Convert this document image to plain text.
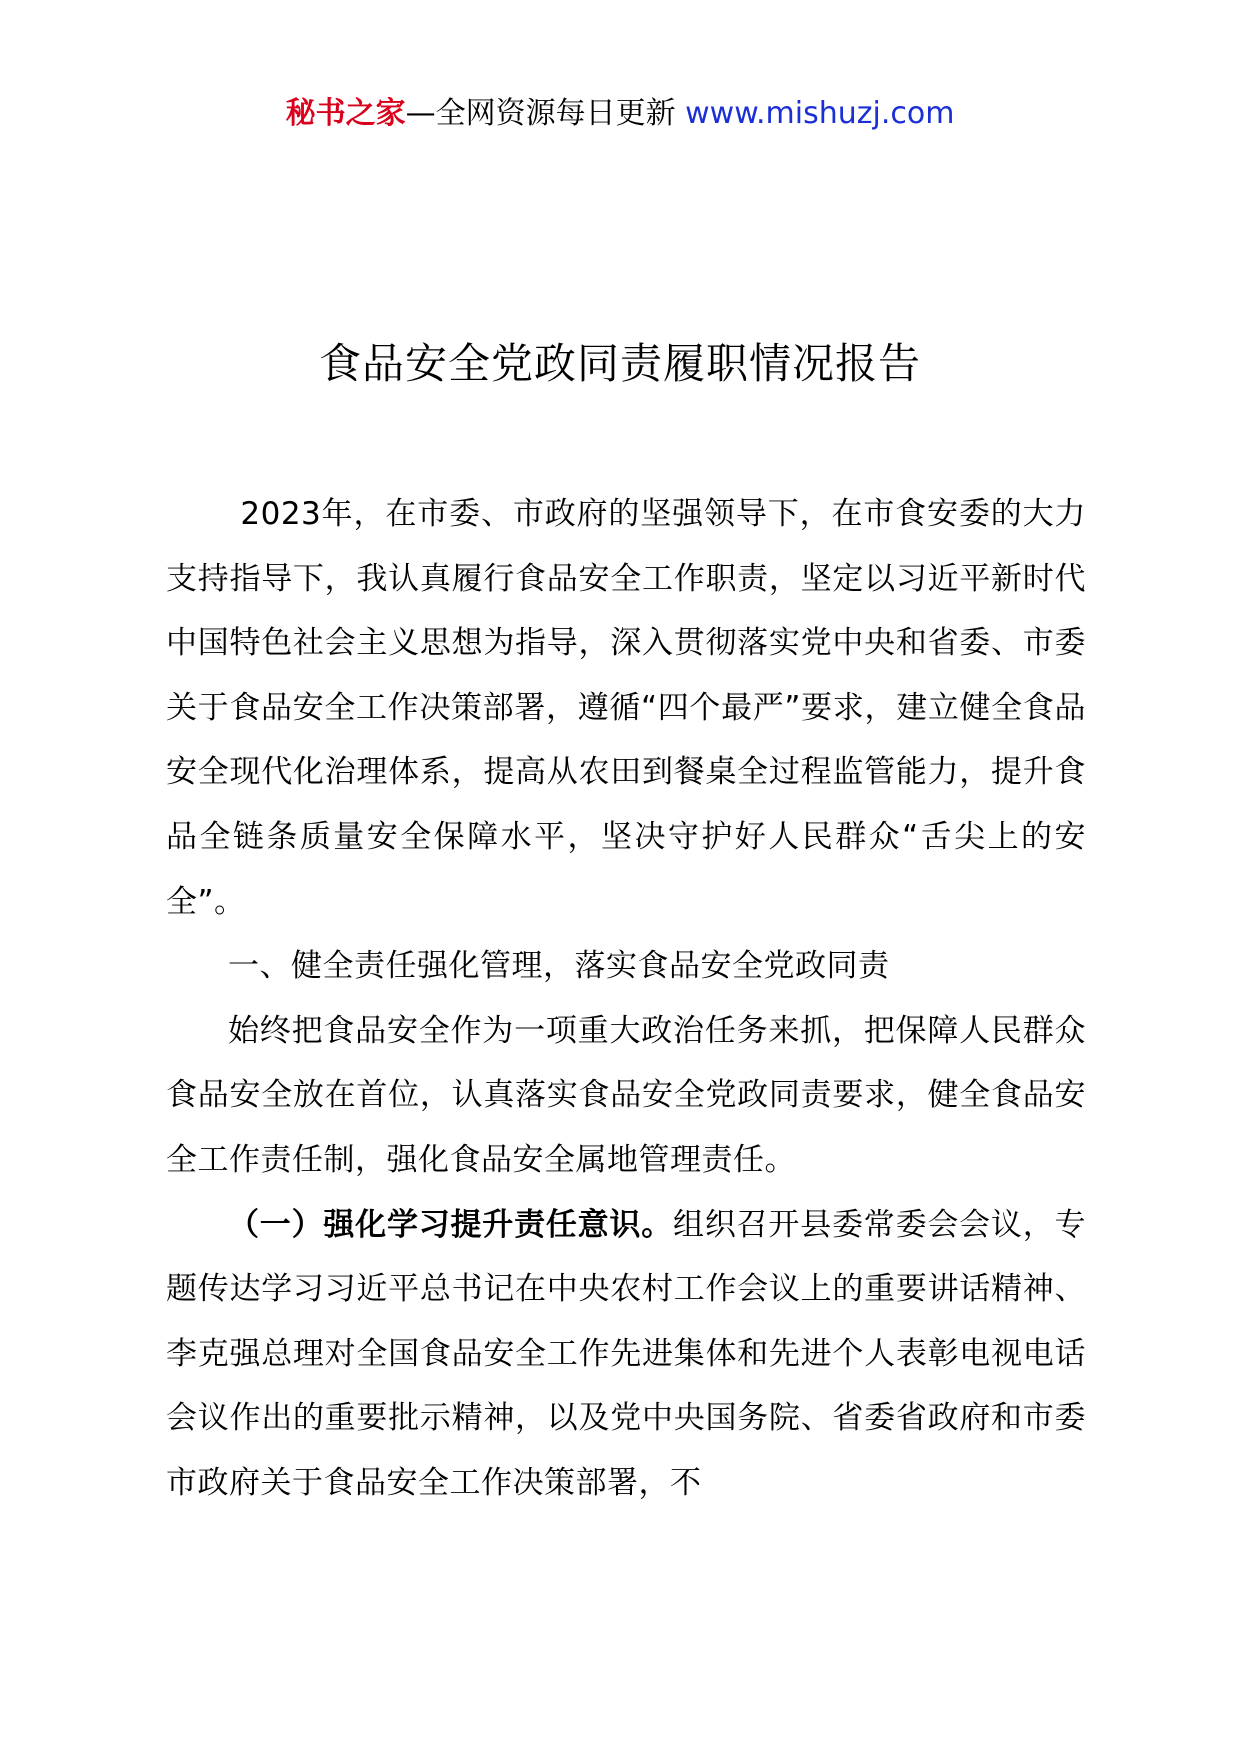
秘书之家—全网资源每日更新 www.mishuzj.com
食品安全党政同责履职情况报告

2023年，在市委、市政府的坚强领导下，在市食安委的大力支持指导下，我认真履行食品安全工作职责，坚定以习近平新时代中国特色社会主义思想为指导，深入贯彻落实党中央和省委、市委关于食品安全工作决策部署，遵循“四个最严”要求，建立健全食品安全现代化治理体系，提高从农田到餐桌全过程监管能力，提升食品全链条质量安全保障水平，坚决守护好人民群众“舌尖上的安全”。

一、健全责任强化管理，落实食品安全党政同责

始终把食品安全作为一项重大政治任务来抓，把保障人民群众食品安全放在首位，认真落实食品安全党政同责要求，健全食品安全工作责任制，强化食品安全属地管理责任。

（一）强化学习提升责任意识。组织召开县委常委会会议，专题传达学习习近平总书记在中央农村工作会议上的重要讲话精神、李克强总理对全国食品安全工作先进集体和先进个人表彰电视电话会议作出的重要批示精神，以及党中央国务院、省委省政府和市委市政府关于食品安全工作决策部署，不
